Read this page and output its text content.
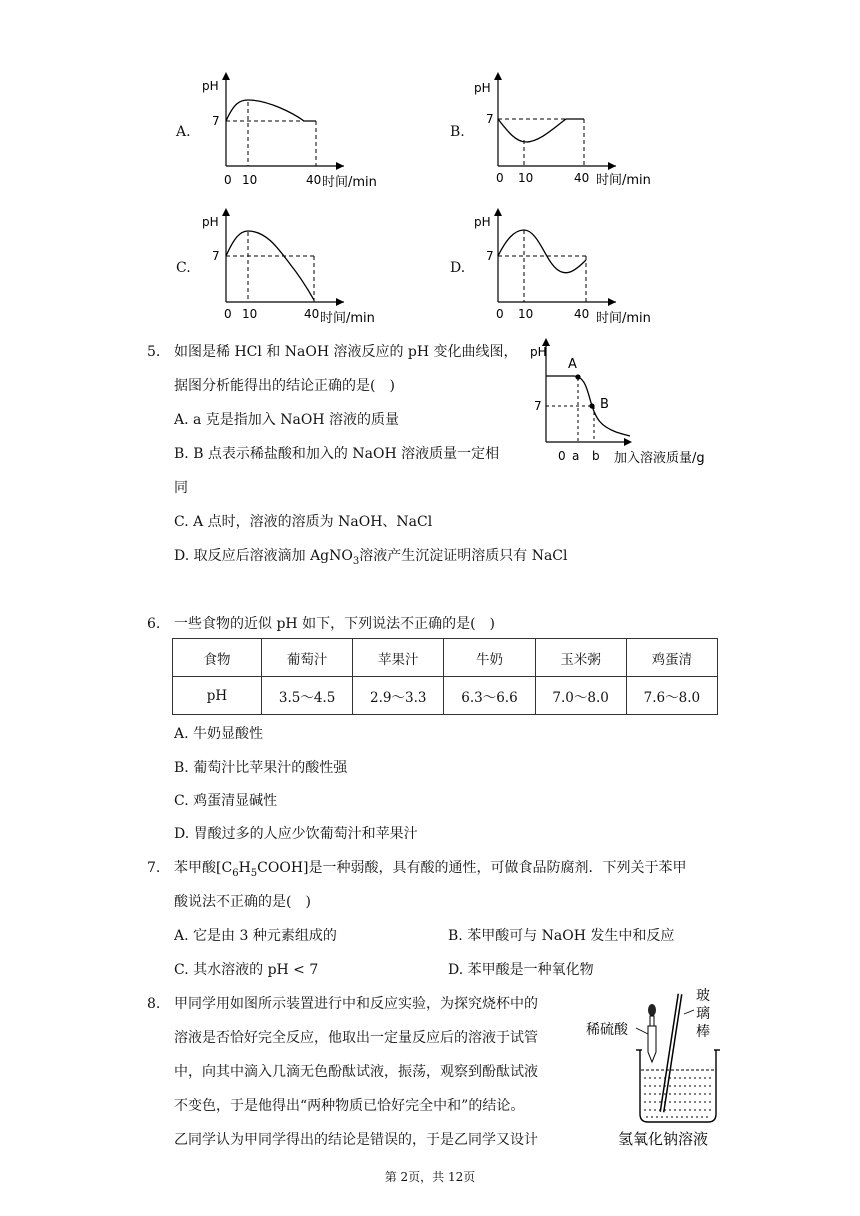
A.	B.
C.	D.
pH
7
0 10	40 时间/min
pH
7
0 10	40 时间/min
pH
7
0 10	40 时间/min
pH
7
0 10	40 时间/min
5. 如图是稀 HCl 和 NaOH 溶液反应的 pH 变化曲线图，
据图分析能得出的结论正确的是(　)
A. a 克是指加入 NaOH 溶液的质量
B. B 点表示稀盐酸和加入的 NaOH 溶液质量一定相
同
C. A 点时，溶液的溶质为 NaOH、NaCl
D. 取反应后溶液滴加 AgNO$_3$溶液产生沉淀证明溶质只有 NaCl
pH
7
A
B
0 a b 加入溶液质量/g
6. 一些食物的近似 pH 如下，下列说法不正确的是(　)
食物	葡萄汁	苹果汁	牛奶	玉米粥	鸡蛋清
pH	3.5～4.5	2.9～3.3	6.3～6.6	7.0～8.0	7.6～8.0
A. 牛奶显酸性
B. 葡萄汁比苹果汁的酸性强
C. 鸡蛋清显碱性
D. 胃酸过多的人应少饮葡萄汁和苹果汁
7. 苯甲酸$[C_6H_5COOH]$是一种弱酸，具有酸的通性，可做食品防腐剂．下列关于苯甲
酸说法不正确的是(　)
A. 它是由 3 种元素组成的	B. 苯甲酸可与 NaOH 发生中和反应
C. 其水溶液的 pH < 7	D. 苯甲酸是一种氧化物
8. 甲同学用如图所示装置进行中和反应实验，为探究烧杯中的
溶液是否恰好完全反应，他取出一定量反应后的溶液于试管
中，向其中滴入几滴无色酚酞试液，振荡，观察到酚酞试液
不变色，于是他得出“两种物质已恰好完全中和”的结论。
乙同学认为甲同学得出的结论是错误的，于是乙同学又设计
稀硫酸
玻
璃
棒
氢氧化钠溶液
第 2页，共 12页
